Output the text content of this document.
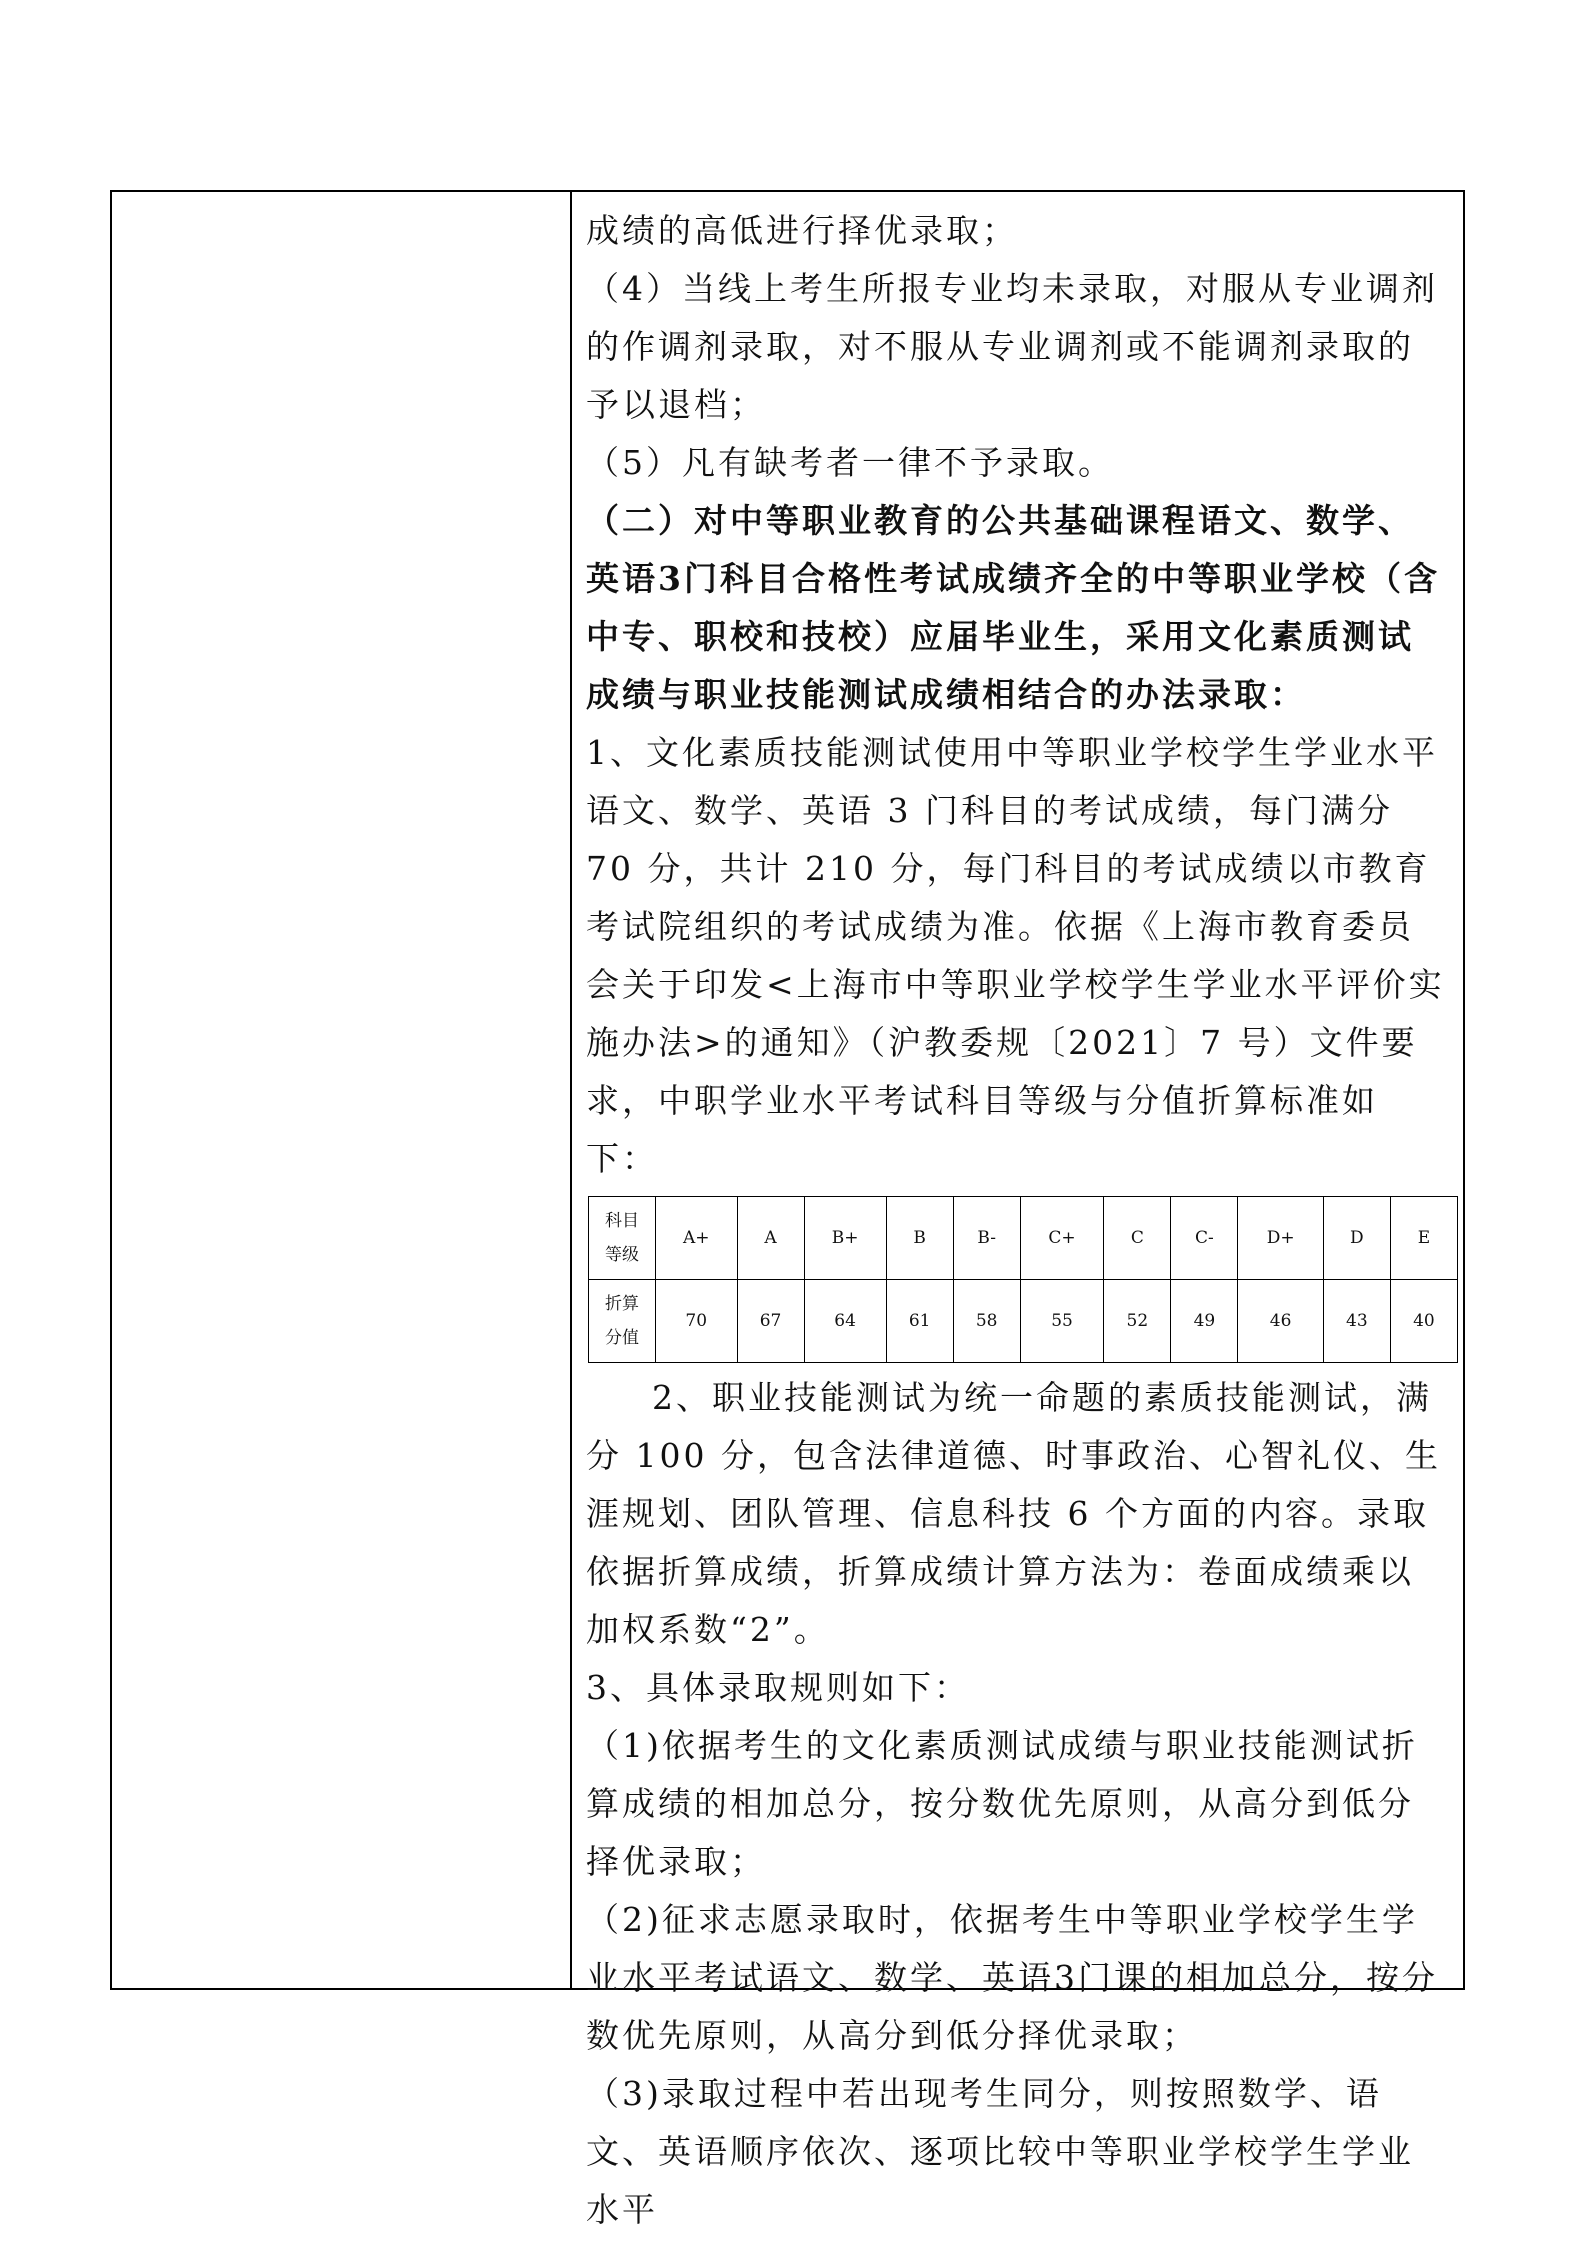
成绩的高低进行择优录取；

（4）当线上考生所报专业均未录取，对服从专业调剂的作调剂录取，对不服从专业调剂或不能调剂录取的予以退档；

（5）凡有缺考者一律不予录取。

（二）对中等职业教育的公共基础课程语文、数学、英语3门科目合格性考试成绩齐全的中等职业学校（含中专、职校和技校）应届毕业生，采用文化素质测试成绩与职业技能测试成绩相结合的办法录取：

1、文化素质技能测试使用中等职业学校学生学业水平语文、数学、英语 3 门科目的考试成绩，每门满分 70 分，共计 210 分，每门科目的考试成绩以市教育考试院组织的考试成绩为准。依据《上海市教育委员会关于印发<上海市中等职业学校学生学业水平评价实施办法>的通知》（沪教委规〔2021〕7 号）文件要求，中职学业水平考试科目等级与分值折算标准如下：

科目
等级	A+	A	B+	B	B-	C+	C	C-	D+	D	E

折算
分值	70	67	64	61	58	55	52	49	46	43	40

2、职业技能测试为统一命题的素质技能测试，满分 100 分，包含法律道德、时事政治、心智礼仪、生涯规划、团队管理、信息科技 6 个方面的内容。录取依据折算成绩，折算成绩计算方法为：卷面成绩乘以加权系数“2”。

3、具体录取规则如下：

（1)依据考生的文化素质测试成绩与职业技能测试折算成绩的相加总分，按分数优先原则，从高分到低分择优录取；

（2)征求志愿录取时，依据考生中等职业学校学生学业水平考试语文、数学、英语3门课的相加总分，按分数优先原则，从高分到低分择优录取；

（3)录取过程中若出现考生同分，则按照数学、语文、英语顺序依次、逐项比较中等职业学校学生学业水平
